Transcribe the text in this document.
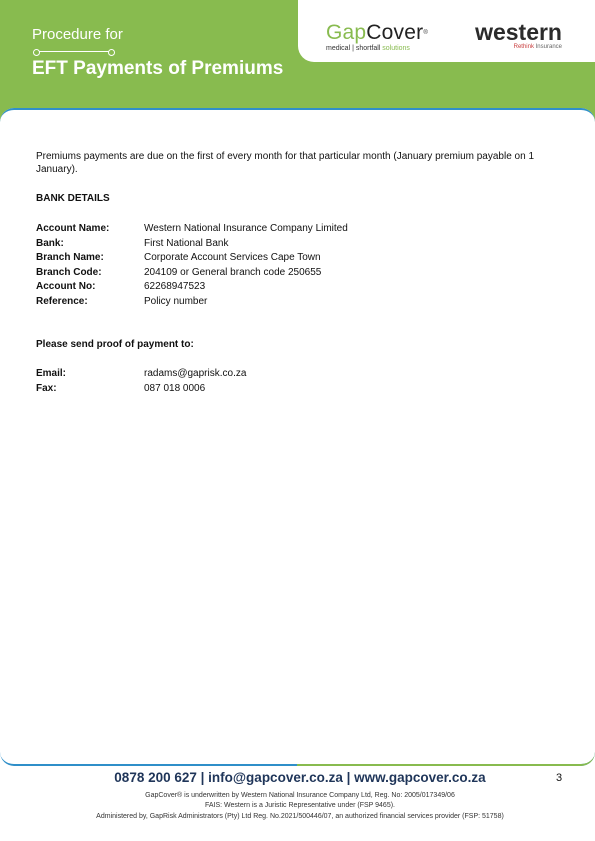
Procedure for
EFT Payments of Premiums
GapCover®
medical | shortfall solutions
western
Rethink Insurance

Premiums payments are due on the first of every month for that particular month (January premium payable on 1 January).

BANK DETAILS
Account Name:	Western National Insurance Company Limited
Bank:	First National Bank
Branch Name:	Corporate Account Services Cape Town
Branch Code:	204109 or General branch code 250655
Account No:	62268947523
Reference:	Policy number
Please send proof of payment to:
Email:	radams@gaprisk.co.za
Fax:	087 018 0006
0878 200 627 | info@gapcover.co.za | www.gapcover.co.za	3
GapCover® is underwritten by Western National Insurance Company Ltd, Reg. No: 2005/017349/06
FAIS: Western is a Juristic Representative under (FSP 9465).
Administered by, GapRisk Administrators (Pty) Ltd Reg. No.2021/500446/07, an authorized financial services provider (FSP: 51758)
